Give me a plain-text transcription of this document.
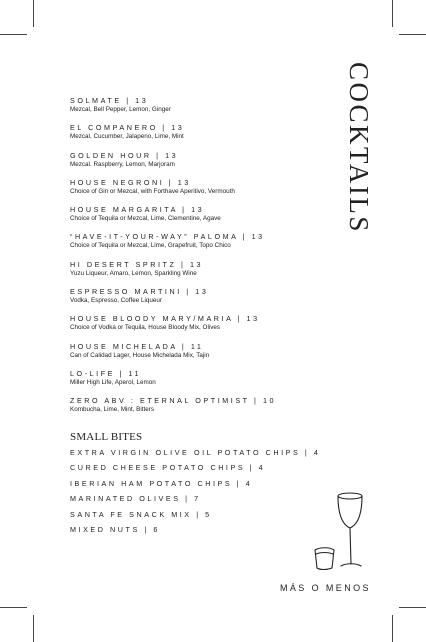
COCKTAILS
SOLMATE | 13
Mezcal, Bell Pepper, Lemon, Ginger
EL COMPANERO | 13
Mezcal, Cucumber, Jalapeno, Lime, Mint
GOLDEN HOUR | 13
Mezcal. Raspberry, Lemon, Marjoram
HOUSE NEGRONI | 13
Choice of Gin or Mezcal, with Forthave Aperitivo, Vermouth
HOUSE MARGARITA | 13
Choice of Tequila or Mezcal, Lime, Clementine, Agave
“HAVE-IT-YOUR-WAY” PALOMA | 13
Choice of Tequila or Mezcal, Lime, Grapefruit, Topo Chico
HI DESERT SPRITZ | 13
Yuzu Liqueur, Amaro, Lemon, Sparkling Wine
ESPRESSO MARTINI | 13
Vodka, Espresso, Coffee Liqueur
HOUSE BLOODY MARY/MARIA | 13
Choice of Vodka or Tequila, House Bloody Mix, Olives
HOUSE MICHELADA | 11
Can of Calidad Lager, House Michelada Mix, Tajin
LO-LIFE | 11
Miller High Life, Aperol, Lemon
ZERO ABV : ETERNAL OPTIMIST | 10
Kombucha, Lime, Mint, Bitters
SMALL BITES
EXTRA VIRGIN OLIVE OIL POTATO CHIPS | 4
CURED CHEESE POTATO CHIPS | 4
IBERIAN HAM POTATO CHIPS | 4
MARINATED OLIVES | 7
SANTA FE SNACK MIX | 5
MIXED NUTS | 6
MÁS O MENOS
